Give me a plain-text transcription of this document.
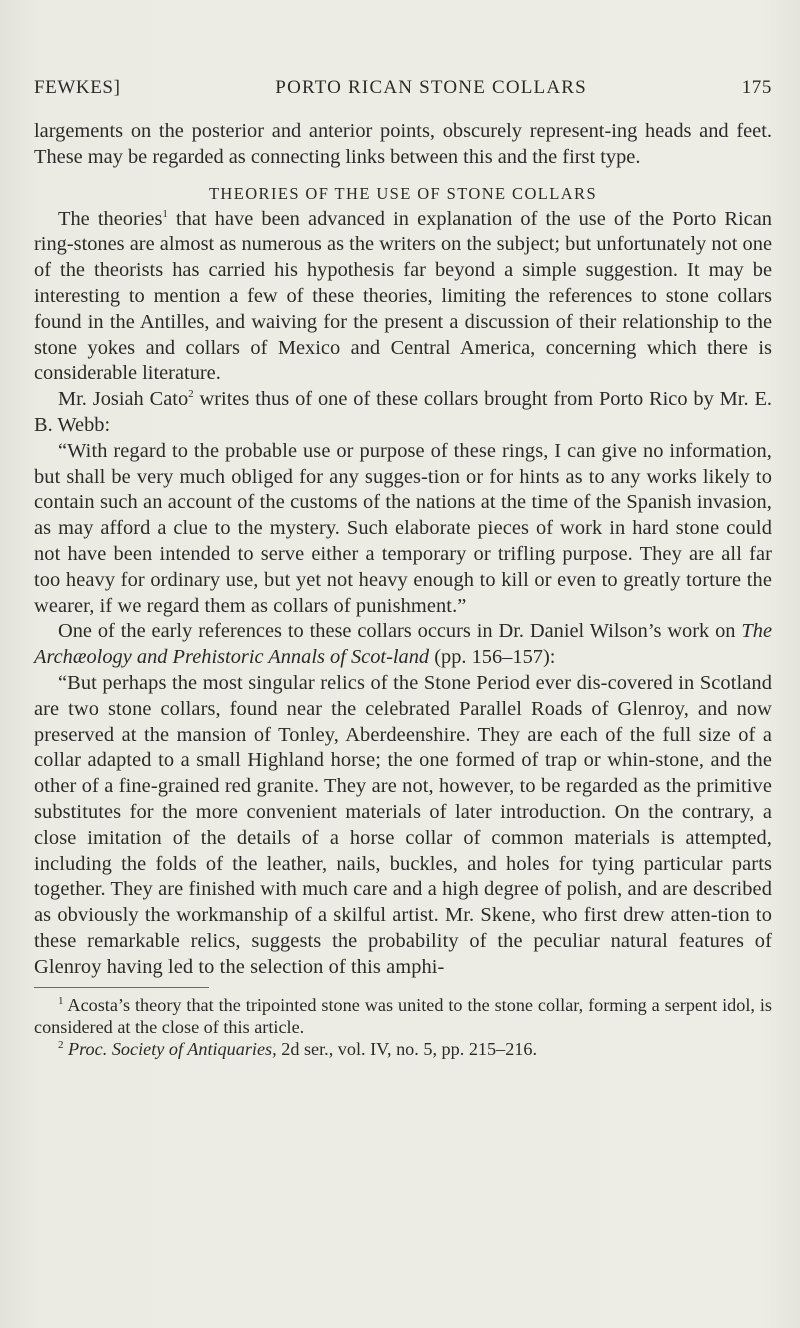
FEWKES]	PORTO RICAN STONE COLLARS	175

largements on the posterior and anterior points, obscurely represent-ing heads and feet. These may be regarded as connecting links between this and the first type.

THEORIES OF THE USE OF STONE COLLARS

The theories$^1$ that have been advanced in explanation of the use of the Porto Rican ring-stones are almost as numerous as the writers on the subject; but unfortunately not one of the theorists has carried his hypothesis far beyond a simple suggestion. It may be interesting to mention a few of these theories, limiting the references to stone collars found in the Antilles, and waiving for the present a discussion of their relationship to the stone yokes and collars of Mexico and Central America, concerning which there is considerable literature.

Mr. Josiah Cato$^2$ writes thus of one of these collars brought from Porto Rico by Mr. E. B. Webb:

“With regard to the probable use or purpose of these rings, I can give no information, but shall be very much obliged for any sugges-tion or for hints as to any works likely to contain such an account of the customs of the nations at the time of the Spanish invasion, as may afford a clue to the mystery. Such elaborate pieces of work in hard stone could not have been intended to serve either a temporary or trifling purpose. They are all far too heavy for ordinary use, but yet not heavy enough to kill or even to greatly torture the wearer, if we regard them as collars of punishment.”

One of the early references to these collars occurs in Dr. Daniel Wilson’s work on The Archæology and Prehistoric Annals of Scot-land (pp. 156–157):

“But perhaps the most singular relics of the Stone Period ever dis-covered in Scotland are two stone collars, found near the celebrated Parallel Roads of Glenroy, and now preserved at the mansion of Tonley, Aberdeenshire. They are each of the full size of a collar adapted to a small Highland horse; the one formed of trap or whin-stone, and the other of a fine-grained red granite. They are not, however, to be regarded as the primitive substitutes for the more convenient materials of later introduction. On the contrary, a close imitation of the details of a horse collar of common materials is attempted, including the folds of the leather, nails, buckles, and holes for tying particular parts together. They are finished with much care and a high degree of polish, and are described as obviously the workmanship of a skilful artist. Mr. Skene, who first drew atten-tion to these remarkable relics, suggests the probability of the peculiar natural features of Glenroy having led to the selection of this amphi-

$^1$ Acosta’s theory that the tripointed stone was united to the stone collar, forming a serpent idol, is considered at the close of this article.

$^2$ Proc. Society of Antiquaries, 2d ser., vol. IV, no. 5, pp. 215–216.
